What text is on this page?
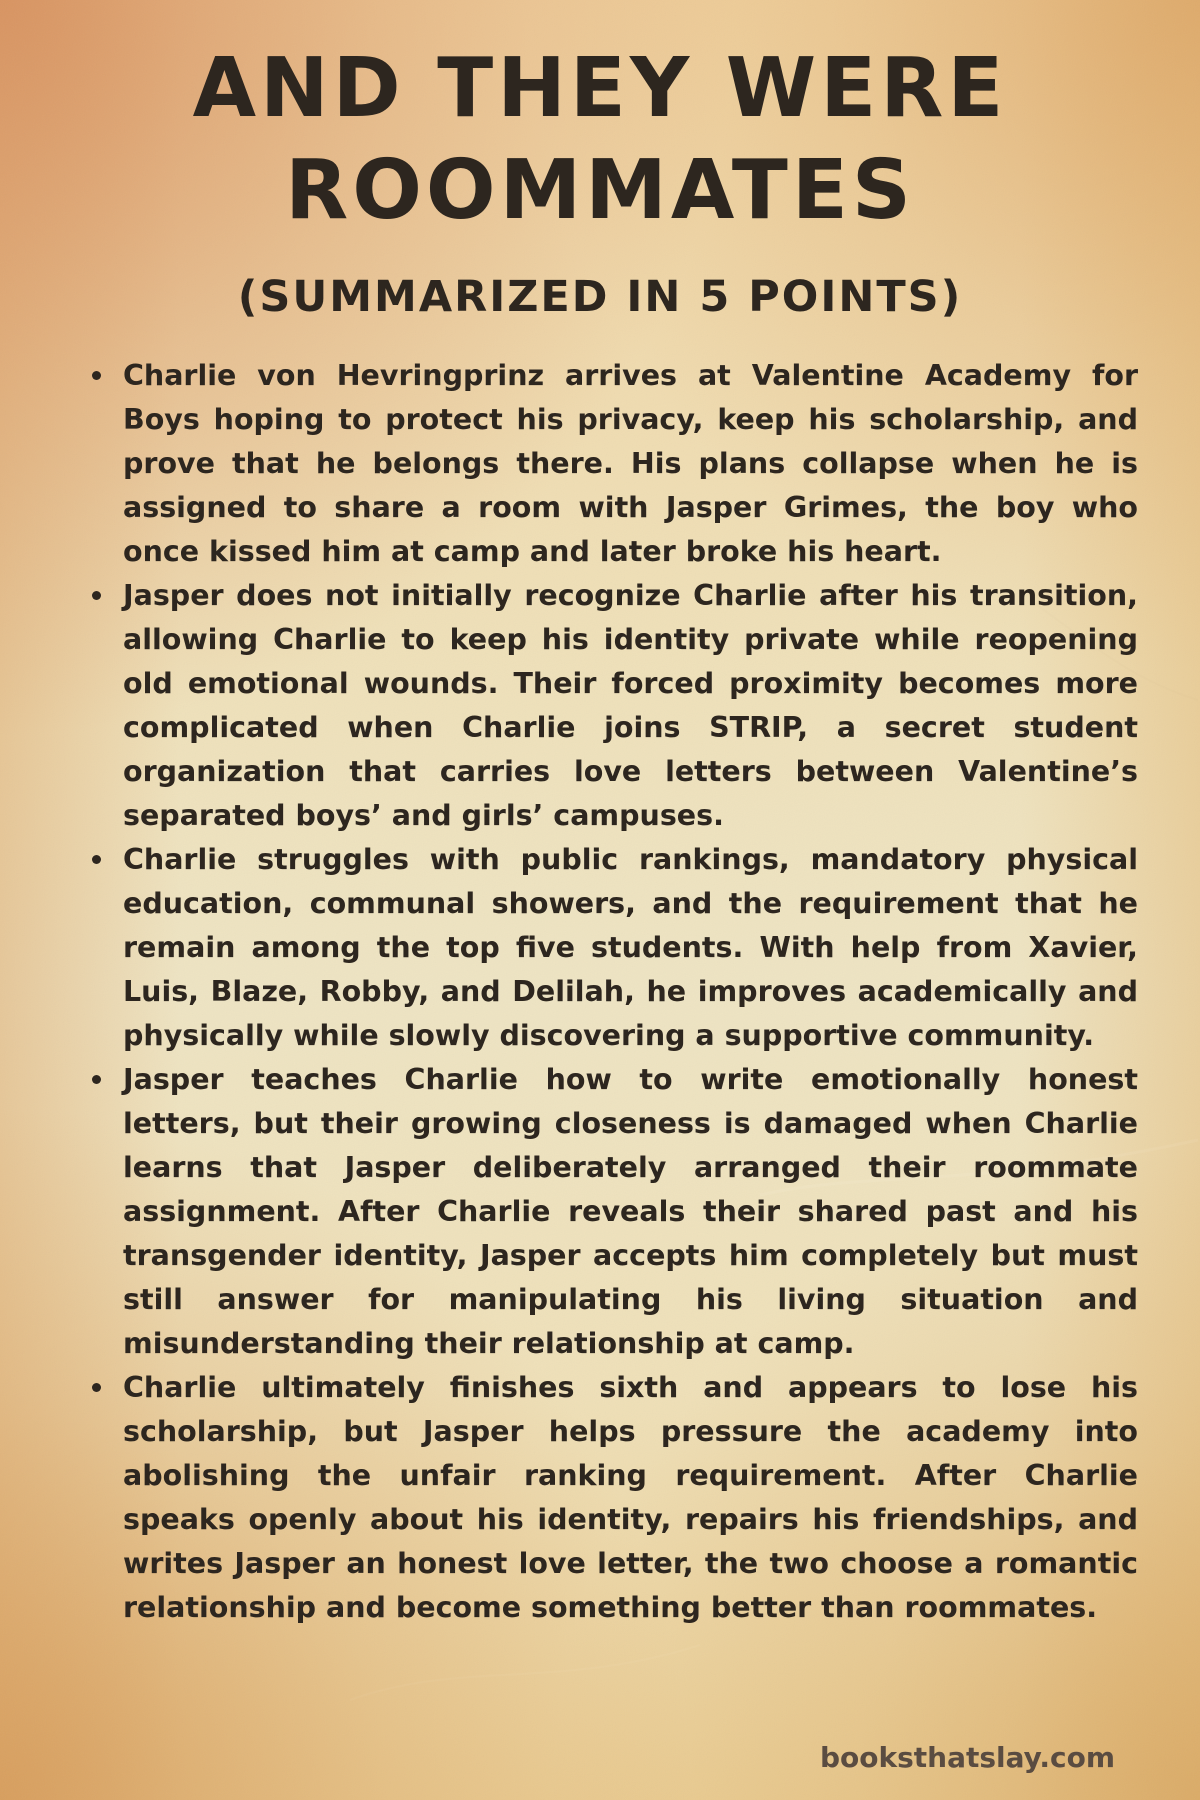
AND THEY WERE
ROOMMATES
(SUMMARIZED IN 5 POINTS)
Charlie von Hevringprinz arrives at Valentine Academy for Boys hoping to protect his privacy, keep his scholarship, and prove that he belongs there. His plans collapse when he is assigned to share a room with Jasper Grimes, the boy who once kissed him at camp and later broke his heart.
Jasper does not initially recognize Charlie after his transition, allowing Charlie to keep his identity private while reopening old emotional wounds. Their forced proximity becomes more complicated when Charlie joins STRIP, a secret student organization that carries love letters between Valentine’s separated boys’ and girls’ campuses.
Charlie struggles with public rankings, mandatory physical education, communal showers, and the requirement that he remain among the top five students. With help from Xavier, Luis, Blaze, Robby, and Delilah, he improves academically and physically while slowly discovering a supportive community.
Jasper teaches Charlie how to write emotionally honest letters, but their growing closeness is damaged when Charlie learns that Jasper deliberately arranged their roommate assignment. After Charlie reveals their shared past and his transgender identity, Jasper accepts him completely but must still answer for manipulating his living situation and misunderstanding their relationship at camp.
Charlie ultimately finishes sixth and appears to lose his scholarship, but Jasper helps pressure the academy into abolishing the unfair ranking requirement. After Charlie speaks openly about his identity, repairs his friendships, and writes Jasper an honest love letter, the two choose a romantic relationship and become something better than roommates.
booksthatslay.com
